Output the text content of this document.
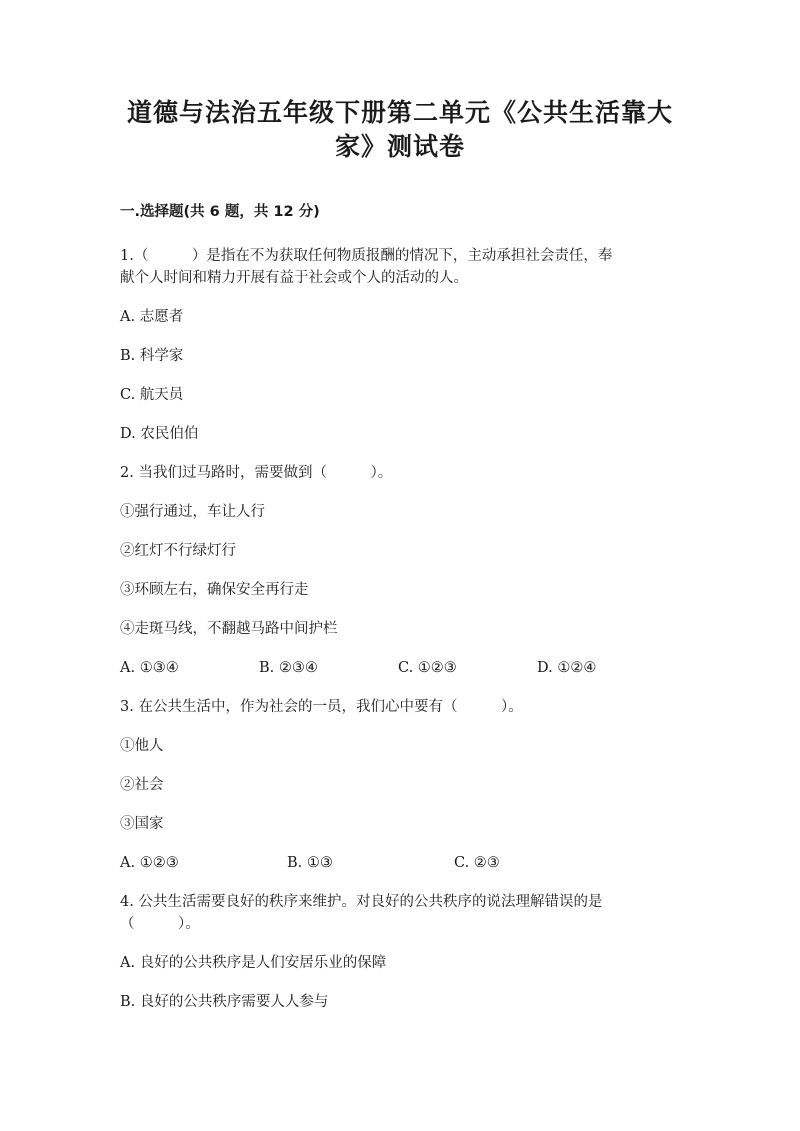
道德与法治五年级下册第二单元《公共生活靠大
家》测试卷
一.选择题(共 6 题，共 12 分)
1.（　　　）是指在不为获取任何物质报酬的情况下，主动承担社会责任，奉
献个人时间和精力开展有益于社会或个人的活动的人。
A. 志愿者
B. 科学家
C. 航天员
D. 农民伯伯
2. 当我们过马路时，需要做到（　　　）。
①强行通过，车让人行
②红灯不行绿灯行
③环顾左右，确保安全再行走
④走斑马线，不翻越马路中间护栏
A. ①③④	B. ②③④	C. ①②③	D. ①②④
3. 在公共生活中，作为社会的一员，我们心中要有（　　　）。
①他人
②社会
③国家
A. ①②③	B. ①③	C. ②③
4. 公共生活需要良好的秩序来维护。对良好的公共秩序的说法理解错误的是
（　　　）。
A. 良好的公共秩序是人们安居乐业的保障
B. 良好的公共秩序需要人人参与
